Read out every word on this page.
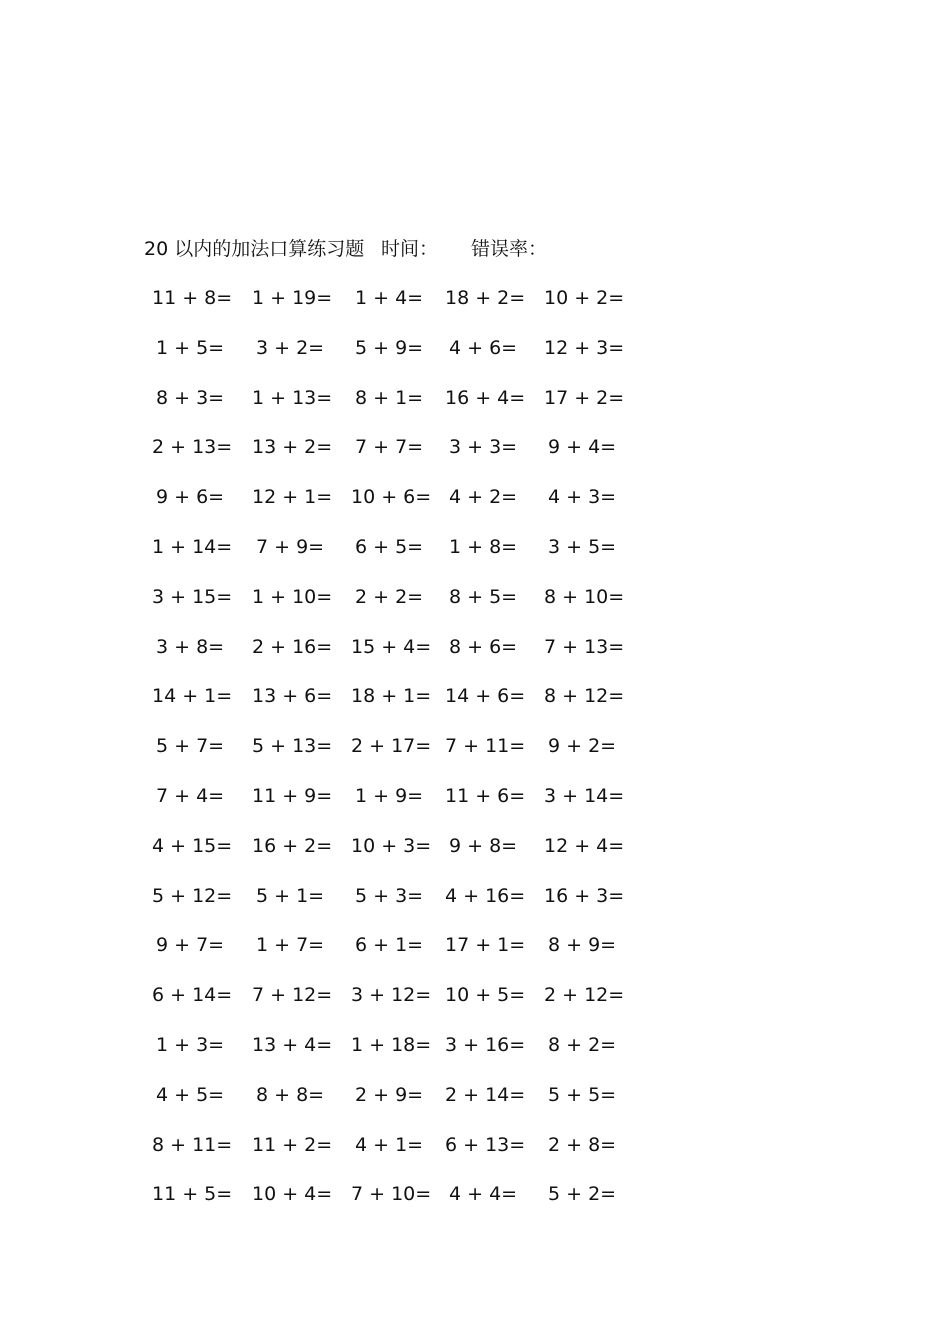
20 以内的加法口算练习题 时间： 错误率：
11 + 8= 1 + 19= 1 + 4= 18 + 2= 10 + 2=
1 + 5= 3 + 2= 5 + 9= 4 + 6= 12 + 3=
8 + 3= 1 + 13= 8 + 1= 16 + 4= 17 + 2=
2 + 13= 13 + 2= 7 + 7= 3 + 3= 9 + 4=
9 + 6= 12 + 1= 10 + 6= 4 + 2= 4 + 3=
1 + 14= 7 + 9= 6 + 5= 1 + 8= 3 + 5=
3 + 15= 1 + 10= 2 + 2= 8 + 5= 8 + 10=
3 + 8= 2 + 16= 15 + 4= 8 + 6= 7 + 13=
14 + 1= 13 + 6= 18 + 1= 14 + 6= 8 + 12=
5 + 7= 5 + 13= 2 + 17= 7 + 11= 9 + 2=
7 + 4= 11 + 9= 1 + 9= 11 + 6= 3 + 14=
4 + 15= 16 + 2= 10 + 3= 9 + 8= 12 + 4=
5 + 12= 5 + 1= 5 + 3= 4 + 16= 16 + 3=
9 + 7= 1 + 7= 6 + 1= 17 + 1= 8 + 9=
6 + 14= 7 + 12= 3 + 12= 10 + 5= 2 + 12=
1 + 3= 13 + 4= 1 + 18= 3 + 16= 8 + 2=
4 + 5= 8 + 8= 2 + 9= 2 + 14= 5 + 5=
8 + 11= 11 + 2= 4 + 1= 6 + 13= 2 + 8=
11 + 5= 10 + 4= 7 + 10= 4 + 4= 5 + 2=
